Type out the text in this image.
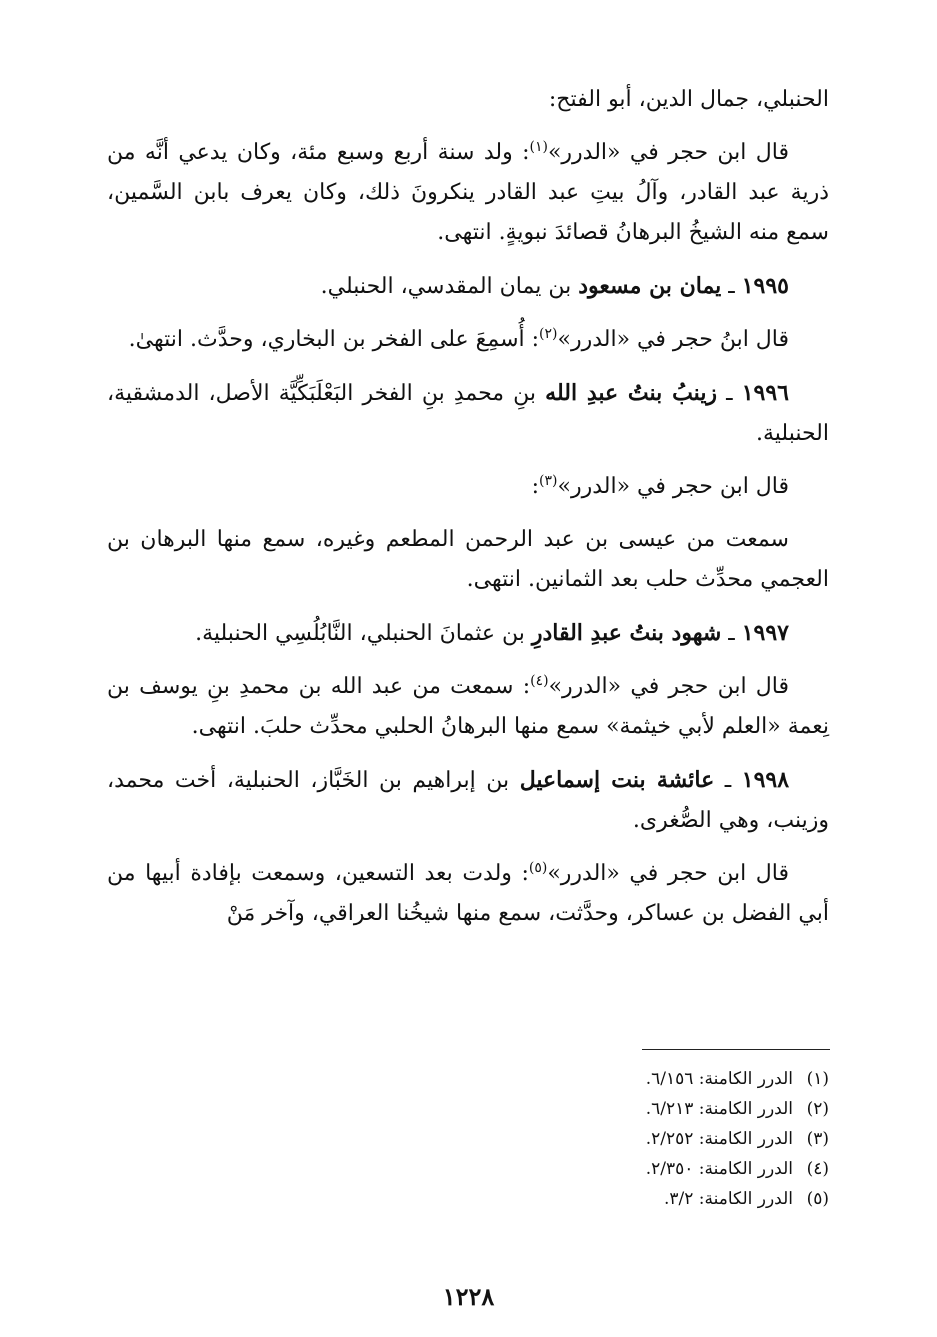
الحنبلي، جمال الدين، أبو الفتح:

قال ابن حجر في «الدرر»$^{(١)}$: ولد سنة أربع وسبع مئة، وكان يدعي أنَّه من ذرية عبد القادر، وآلُ بيتِ عبد القادر ينكرونَ ذلك، وكان يعرف بابن السَّمين، سمع منه الشيخُ البرهانُ قصائدَ نبويةٍ. انتهى.

١٩٩٥ ـ يمان بن مسعود بن يمان المقدسي، الحنبلي.

قال ابنُ حجر في «الدرر»$^{(٢)}$: أُسمِعَ على الفخر بن البخاري، وحدَّث. انتهىٰ.

١٩٩٦ ـ زينبُ بنتُ عبدِ الله بنِ محمدِ بنِ الفخر البَعْلَبَكِّيَّة الأصل، الدمشقية، الحنبلية.

قال ابن حجر في «الدرر»$^{(٣)}$:

سمعت من عيسى بن عبد الرحمن المطعم وغيره، سمع منها البرهان بن العجمي محدِّث حلب بعد الثمانين. انتهى.

١٩٩٧ ـ شهود بنتُ عبدِ القادرِ بن عثمانَ الحنبلي، النَّابُلُسِي الحنبلية.

قال ابن حجر في «الدرر»$^{(٤)}$: سمعت من عبد الله بن محمدِ بنِ يوسف بن نِعمة «العلم لأبي خيثمة» سمع منها البرهانُ الحلبي محدِّث حلبَ. انتهى.

١٩٩٨ ـ عائشة بنت إسماعيل بن إبراهيم بن الخَبَّاز، الحنبلية، أخت محمد، وزينب، وهي الصُّغرى.

قال ابن حجر في «الدرر»$^{(٥)}$: ولدت بعد التسعين، وسمعت بإفادة أبيها من أبي الفضل بن عساكر، وحدَّثت، سمع منها شيخُنا العراقي، وآخر مَنْ

(١)الدرر الكامنة: ٦/١٥٦.
(٢)الدرر الكامنة: ٦/٢١٣.
(٣)الدرر الكامنة: ٢/٢٥٢.
(٤)الدرر الكامنة: ٢/٣٥٠.
(٥)الدرر الكامنة: ٣/٢.
١٢٢٨
